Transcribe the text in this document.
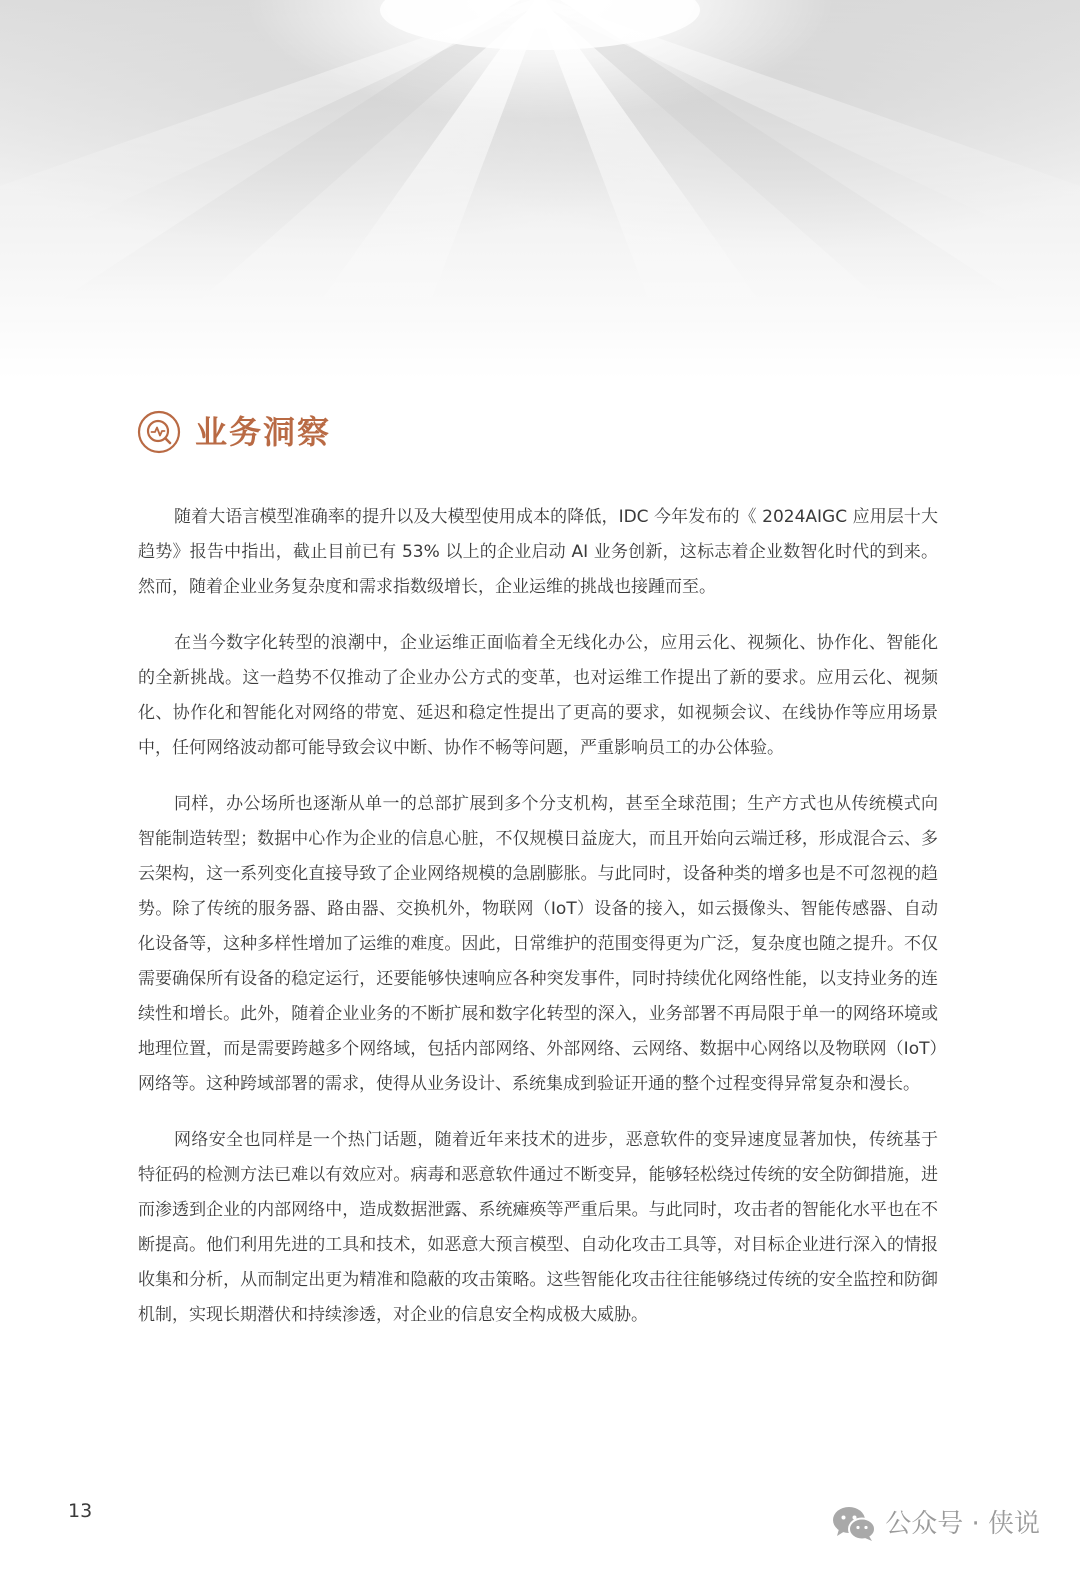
业务洞察

随着大语言模型准确率的提升以及大模型使用成本的降低，IDC 今年发布的《 2024AIGC 应用层十大趋势》报告中指出，截止目前已有 53% 以上的企业启动 AI 业务创新，这标志着企业数智化时代的到来。然而，随着企业业务复杂度和需求指数级增长，企业运维的挑战也接踵而至。

在当今数字化转型的浪潮中，企业运维正面临着全无线化办公，应用云化、视频化、协作化、智能化的全新挑战。这一趋势不仅推动了企业办公方式的变革，也对运维工作提出了新的要求。应用云化、视频化、协作化和智能化对网络的带宽、延迟和稳定性提出了更高的要求，如视频会议、在线协作等应用场景中，任何网络波动都可能导致会议中断、协作不畅等问题，严重影响员工的办公体验。

同样，办公场所也逐渐从单一的总部扩展到多个分支机构，甚至全球范围；生产方式也从传统模式向智能制造转型；数据中心作为企业的信息心脏，不仅规模日益庞大，而且开始向云端迁移，形成混合云、多云架构，这一系列变化直接导致了企业网络规模的急剧膨胀。与此同时，设备种类的增多也是不可忽视的趋势。除了传统的服务器、路由器、交换机外，物联网（IoT）设备的接入，如云摄像头、智能传感器、自动化设备等，这种多样性增加了运维的难度。因此，日常维护的范围变得更为广泛，复杂度也随之提升。不仅需要确保所有设备的稳定运行，还要能够快速响应各种突发事件，同时持续优化网络性能，以支持业务的连续性和增长。此外，随着企业业务的不断扩展和数字化转型的深入，业务部署不再局限于单一的网络环境或地理位置，而是需要跨越多个网络域，包括内部网络、外部网络、云网络、数据中心网络以及物联网（IoT）网络等。这种跨域部署的需求，使得从业务设计、系统集成到验证开通的整个过程变得异常复杂和漫长。

网络安全也同样是一个热门话题，随着近年来技术的进步，恶意软件的变异速度显著加快，传统基于特征码的检测方法已难以有效应对。病毒和恶意软件通过不断变异，能够轻松绕过传统的安全防御措施，进而渗透到企业的内部网络中，造成数据泄露、系统瘫痪等严重后果。与此同时，攻击者的智能化水平也在不断提高。他们利用先进的工具和技术，如恶意大预言模型、自动化攻击工具等，对目标企业进行深入的情报收集和分析，从而制定出更为精准和隐蔽的攻击策略。这些智能化攻击往往能够绕过传统的安全监控和防御机制，实现长期潜伏和持续渗透，对企业的信息安全构成极大威胁。

13	公众号 · 侠说
